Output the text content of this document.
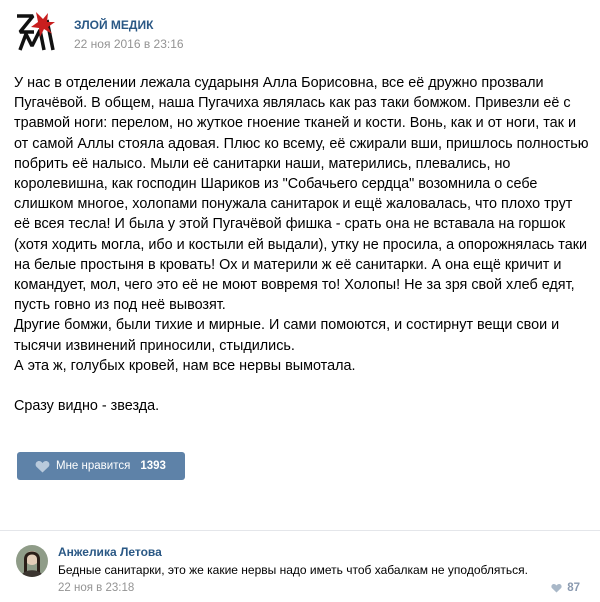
ЗЛОЙ МЕДИК
22 ноя 2016 в 23:16

У нас в отделении лежала сударыня Алла Борисовна, все её дружно прозвали

Пугачёвой. В общем, наша Пугачиха являлась как раз таки бомжом. Привезли её с

травмой ноги: перелом, но жуткое гноение тканей и кости. Вонь, как и от ноги, так и

от самой Аллы стояла адовая. Плюс ко всему, её сжирали вши, пришлось полностью

побрить её налысо. Мыли её санитарки наши, матерились, плевались, но

королевишна, как господин Шариков из "Собачьего сердца" возомнила о себе

слишком многое, холопами понужала санитарок и ещё жаловалась, что плохо трут

её всея тесла! И была у этой Пугачёвой фишка - срать она не вставала на горшок

(хотя ходить могла, ибо и костыли ей выдали), утку не просила, а опорожнялась таки

на белые простыня в кровать! Ох и материли ж её санитарки. А она ещё кричит и

командует, мол, чего это её не моют вовремя то! Холопы! Не за зря свой хлеб едят,

пусть говно из под неё вывозят.

Другие бомжи, были тихие и мирные. И сами помоются, и состирнут вещи свои и

тысячи извинений приносили, стыдились.

А эта ж, голубых кровей, нам все нервы вымотала.

Сразу видно - звезда.

Мне нравится 1393
Анжелика Летова
Бедные санитарки, это же какие нервы надо иметь чтоб хабалкам не уподобляться.
22 ноя в 23:18	87
